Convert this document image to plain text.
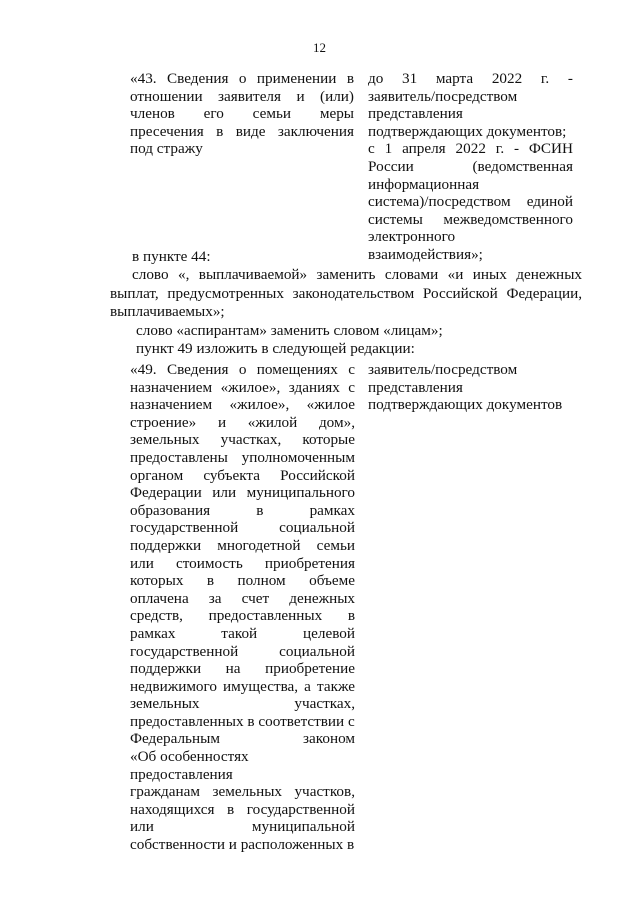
12
«43. Сведения о применении в
отношении заявителя и (или)
членов его семьи меры
пресечения в виде заключения
под стражу
до 31 марта 2022 г. -
заявитель/посредством
представления
подтверждающих документов;
с 1 апреля 2022 г. - ФСИН
России (ведомственная
информационная
система)/посредством единой
системы межведомственного
электронного взаимодействия»;
в пункте 44:
слово «, выплачиваемой» заменить словами «и иных денежных выплат, предусмотренных законодательством Российской Федерации, выплачиваемых»;
слово «аспирантам» заменить словом «лицам»;
пункт 49 изложить в следующей редакции:
«49. Сведения о помещениях с
назначением «жилое», зданиях с
назначением «жилое», «жилое
строение» и «жилой дом»,
земельных участках, которые
предоставлены уполномоченным
органом субъекта Российской
Федерации или муниципального
образования в рамках
государственной социальной
поддержки многодетной семьи
или стоимость приобретения
которых в полном объеме
оплачена за счет денежных
средств, предоставленных в
рамках такой целевой
государственной социальной
поддержки на приобретение
недвижимого имущества, а также
земельных участках,
предоставленных в соответствии с
Федеральным законом
«Об особенностях предоставления
гражданам земельных участков,
находящихся в государственной
или муниципальной
собственности и расположенных в
заявитель/посредством
представления
подтверждающих документов
